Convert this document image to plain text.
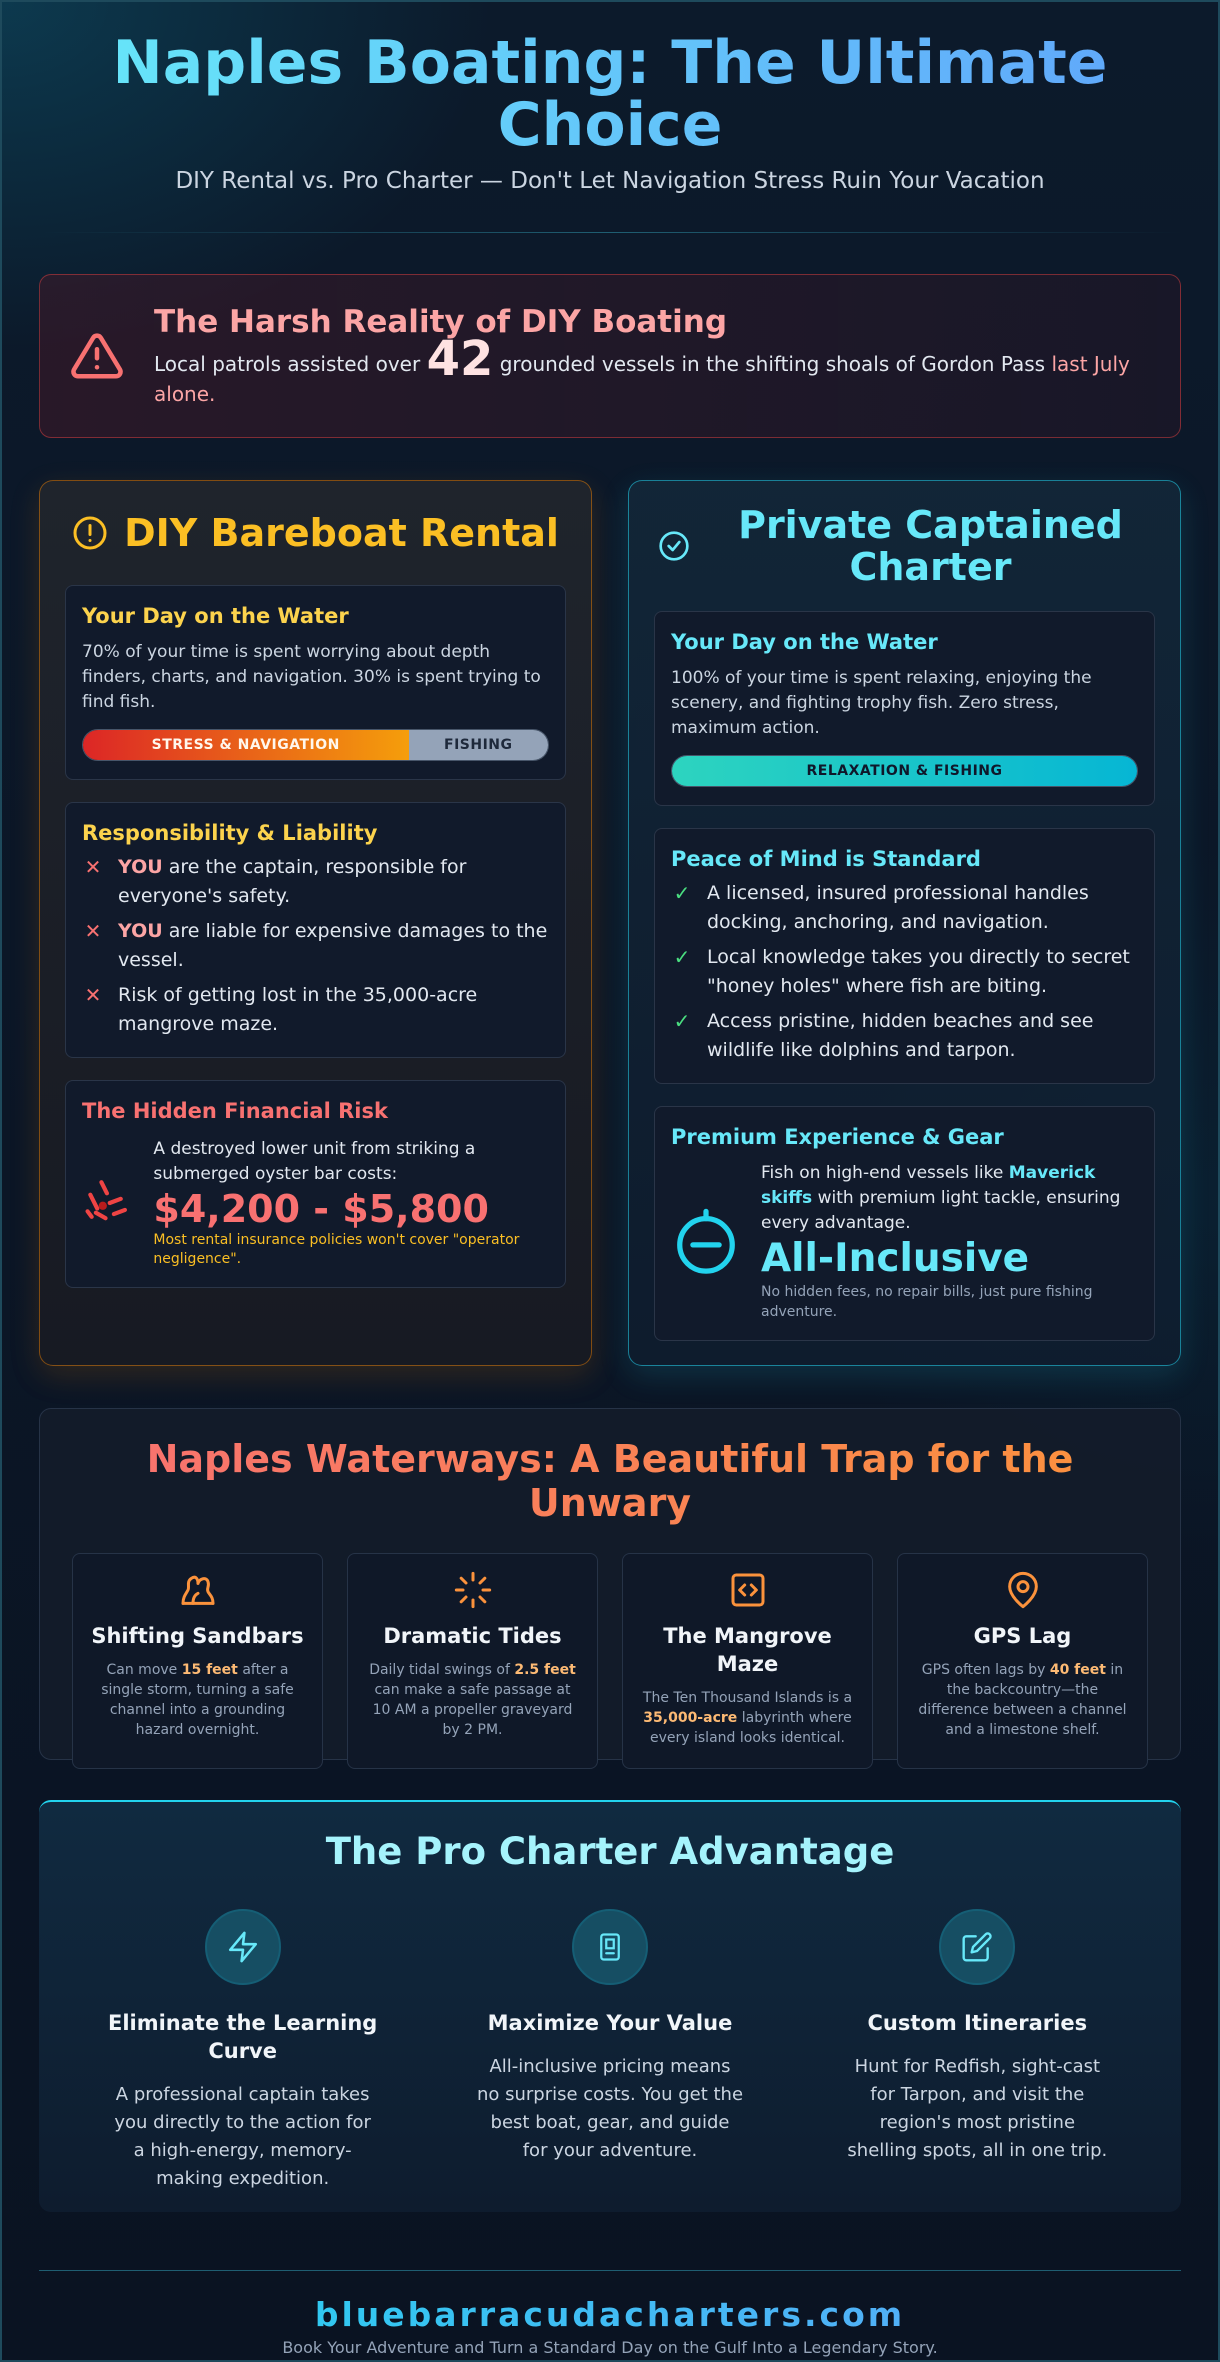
Naples Boating: The Ultimate Choice

DIY Rental vs. Pro Charter — Don't Let Navigation Stress Ruin Your Vacation

The Harsh Reality of DIY Boating
Local patrols assisted over 42 grounded vessels in the shifting shoals of Gordon Pass last July alone.
DIY Bareboat Rental
Your Day on the Water

70% of your time is spent worrying about depth finders, charts, and navigation. 30% is spent trying to find fish.

STRESS & NAVIGATION	FISHING
Responsibility & Liability
✕ YOU are the captain, responsible for everyone's safety.
✕ YOU are liable for expensive damages to the vessel.
✕ Risk of getting lost in the 35,000-acre mangrove maze.
The Hidden Financial Risk
A destroyed lower unit from striking a submerged oyster bar costs:
$4,200 - $5,800
Most rental insurance policies won't cover "operator negligence".
Private Captained Charter
Your Day on the Water

100% of your time is spent relaxing, enjoying the scenery, and fighting trophy fish. Zero stress, maximum action.

RELAXATION & FISHING
Peace of Mind is Standard
✓ A licensed, insured professional handles docking, anchoring, and navigation.
✓ Local knowledge takes you directly to secret "honey holes" where fish are biting.
✓ Access pristine, hidden beaches and see wildlife like dolphins and tarpon.
Premium Experience & Gear
Fish on high-end vessels like Maverick skiffs with premium light tackle, ensuring every advantage.
All-Inclusive
No hidden fees, no repair bills, just pure fishing adventure.
Naples Waterways: A Beautiful Trap for the Unwary
Shifting Sandbars

Can move 15 feet after a single storm, turning a safe channel into a grounding hazard overnight.

Dramatic Tides

Daily tidal swings of 2.5 feet can make a safe passage at 10 AM a propeller graveyard by 2 PM.

The Mangrove Maze

The Ten Thousand Islands is a 35,000-acre labyrinth where every island looks identical.

GPS Lag

GPS often lags by 40 feet in the backcountry—the difference between a channel and a limestone shelf.

The Pro Charter Advantage
Eliminate the Learning Curve

A professional captain takes you directly to the action for a high-energy, memory-making expedition.

Maximize Your Value

All-inclusive pricing means no surprise costs. You get the best boat, gear, and guide for your adventure.

Custom Itineraries

Hunt for Redfish, sight-cast for Tarpon, and visit the region's most pristine shelling spots, all in one trip.

bluebarracudacharters.com
Book Your Adventure and Turn a Standard Day on the Gulf Into a Legendary Story.
